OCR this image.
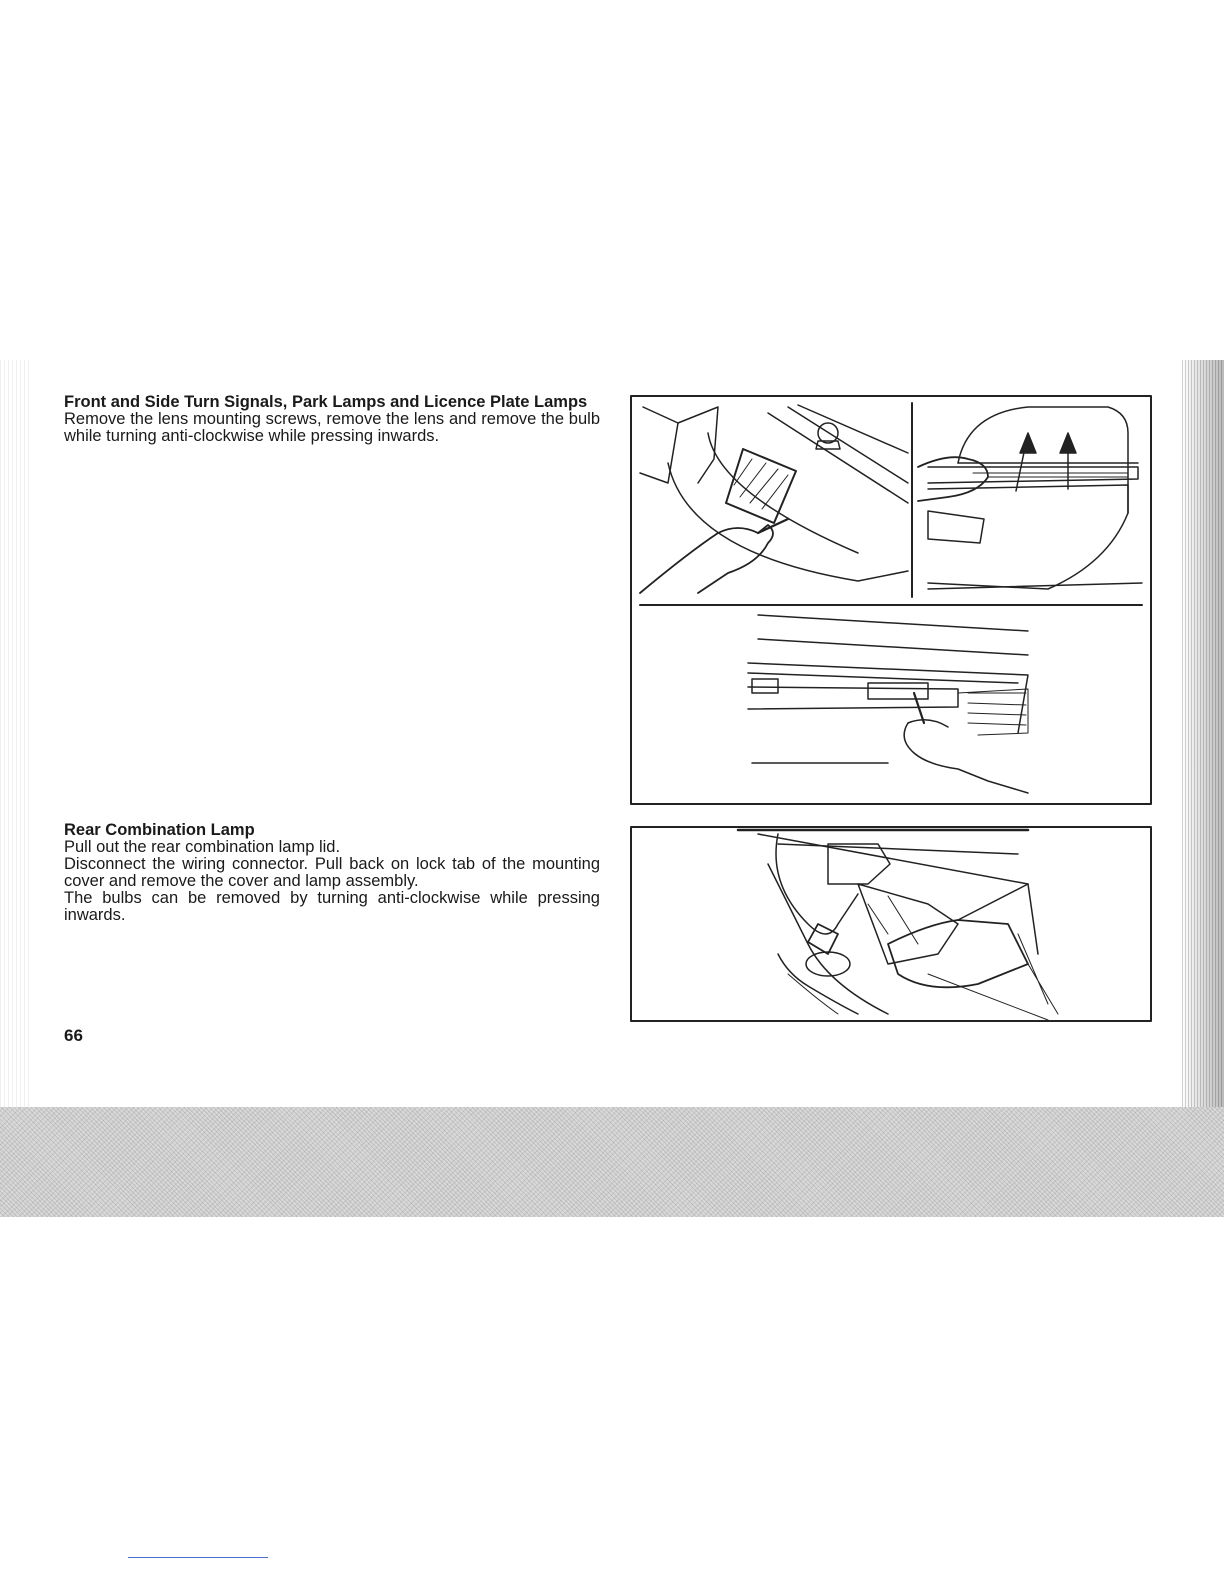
Front and Side Turn Signals, Park Lamps and Licence Plate Lamps

Remove the lens mounting screws, remove the lens and remove the bulb while turning anti-clockwise while pressing inwards.

Rear Combination Lamp

Pull out the rear combination lamp lid.

Disconnect the wiring connector. Pull back on lock tab of the mounting cover and remove the cover and lamp assembly.

The bulbs can be removed by turning anti-clockwise while pressing inwards.

66
